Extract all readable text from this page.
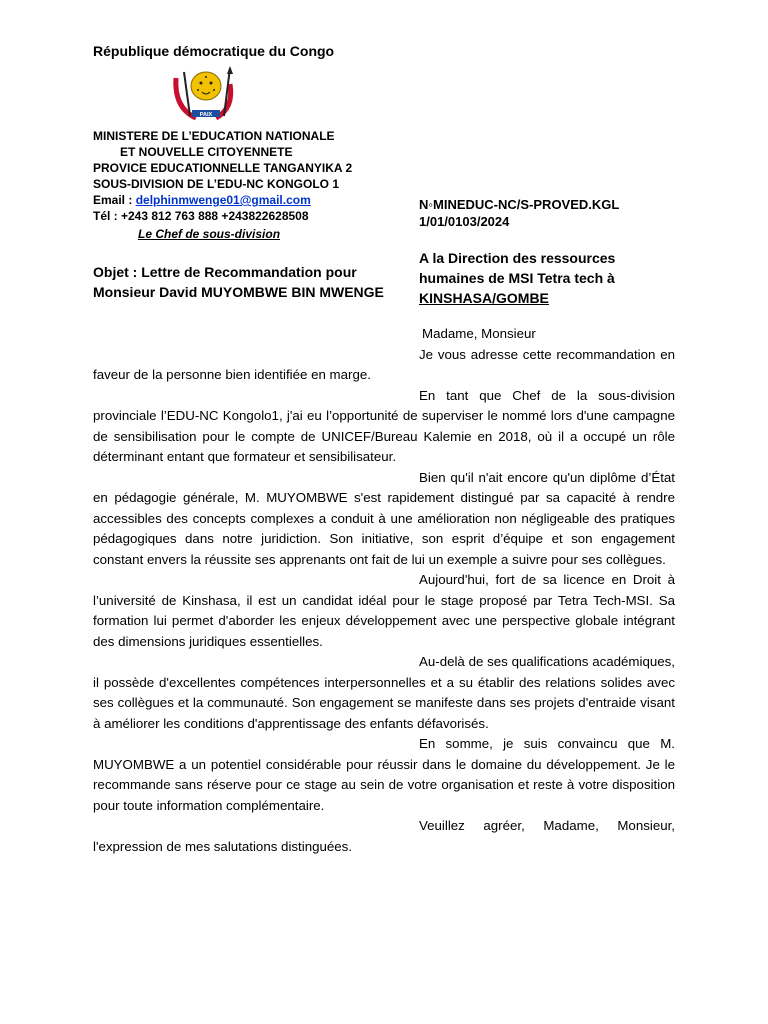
République démocratique du Congo
PAIX
MINISTERE DE L’EDUCATION NATIONALE
ET NOUVELLE CITOYENNETE
PROVICE EDUCATIONNELLE TANGANYIKA 2
SOUS-DIVISION DE L’EDU-NC KONGOLO 1
Email : delphinmwenge01@gmail.com
Tél : +243 812 763 888 +243822628508
Le Chef de sous-division
N◦MINEDUC-NC/S-PROVED.KGL
1/01/0103/2024
A la Direction des ressources
humaines de MSI Tetra tech à
KINSHASA/GOMBE
Objet : Lettre de Recommandation pour
Monsieur David MUYOMBWE BIN MWENGE
Madame, Monsieur

Je vous adresse cette recommandation en faveur de la personne bien identifiée en marge.

En tant que Chef de la sous-division provinciale l’EDU-NC Kongolo1, j'ai eu l’opportunité de superviser le nommé lors d'une campagne de sensibilisation pour le compte de UNICEF/Bureau Kalemie en 2018, où il a occupé un rôle déterminant entant que formateur et sensibilisateur.

Bien qu'il n'ait encore qu'un diplôme d’État en pédagogie générale, M. MUYOMBWE s'est rapidement distingué par sa capacité à rendre accessibles des concepts complexes a conduit à une amélioration non négligeable des pratiques pédagogiques dans notre juridiction. Son initiative, son esprit d’équipe et son engagement constant envers la réussite ses apprenants ont fait de lui un exemple a suivre pour ses collègues.

Aujourd'hui, fort de sa licence en Droit à l’université de Kinshasa, il est un candidat idéal pour le stage proposé par Tetra Tech-MSI. Sa formation lui permet d'aborder les enjeux développement avec une perspective globale intégrant des dimensions juridiques essentielles.

Au-delà de ses qualifications académiques, il possède d'excellentes compétences interpersonnelles et a su établir des relations solides avec ses collègues et la communauté. Son engagement se manifeste dans ses projets d'entraide visant à améliorer les conditions d'apprentissage des enfants défavorisés.

En somme, je suis convaincu que M. MUYOMBWE a un potentiel considérable pour réussir dans le domaine du développement. Je le recommande sans réserve pour ce stage au sein de votre organisation et reste à votre disposition pour toute information complémentaire.

Veuillez agréer, Madame, Monsieur, l'expression de mes salutations distinguées.
